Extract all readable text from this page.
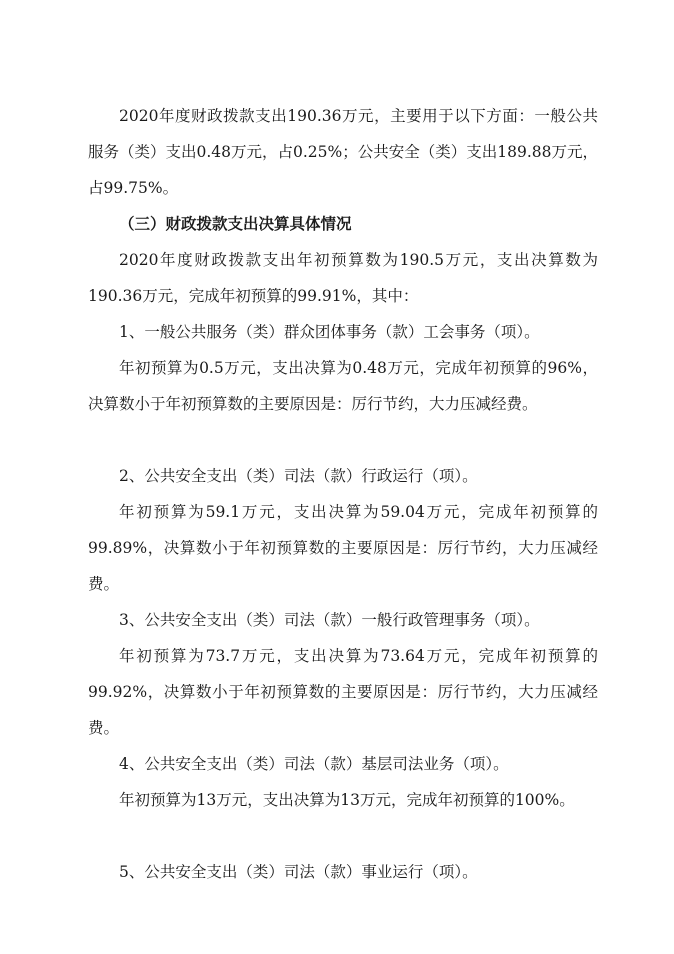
2020年度财政拨款支出190.36万元，主要用于以下方面：一般公共服务（类）支出0.48万元，占0.25%；公共安全（类）支出189.88万元，占99.75%。

（三）财政拨款支出决算具体情况

2020年度财政拨款支出年初预算数为190.5万元，支出决算数为190.36万元，完成年初预算的99.91%，其中：

1、一般公共服务（类）群众团体事务（款）工会事务（项）。

年初预算为0.5万元，支出决算为0.48万元，完成年初预算的96%，决算数小于年初预算数的主要原因是：厉行节约，大力压减经费。

2、公共安全支出（类）司法（款）行政运行（项）。

年初预算为59.1万元，支出决算为59.04万元，完成年初预算的99.89%，决算数小于年初预算数的主要原因是：厉行节约，大力压减经费。

3、公共安全支出（类）司法（款）一般行政管理事务（项）。

年初预算为73.7万元，支出决算为73.64万元，完成年初预算的99.92%，决算数小于年初预算数的主要原因是：厉行节约，大力压减经费。

4、公共安全支出（类）司法（款）基层司法业务（项）。

年初预算为13万元，支出决算为13万元，完成年初预算的100%。

5、公共安全支出（类）司法（款）事业运行（项）。
